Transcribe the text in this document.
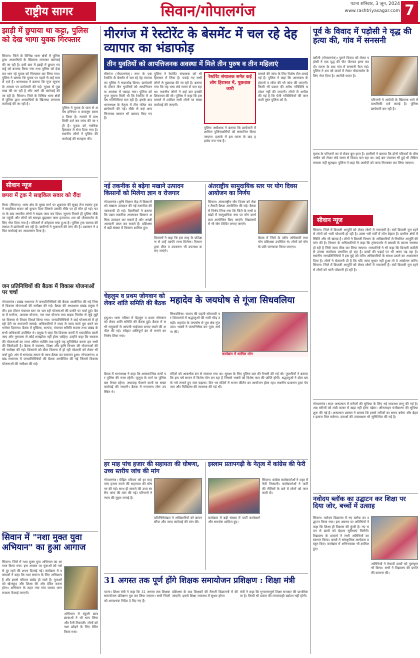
राष्ट्रीय सागर	सिवान/गोपालगंज	पटना शनिवार, 3 जून, 2024 www.rashtriyasagar.com 7
झाड़ी में छुपाया था कट्टा, पुलिस को देख भागा युवक गिरफ्तार
सिवान। जिले के विभिन्न थाना क्षेत्रों में पुलिस द्वारा अपराधियों के खिलाफ लगातार कार्रवाई की जा रही है। इसी क्रम में झाड़ी में छुपाए गए कट्टे को बरामद किया गया तथा पुलिस को देखकर भाग रहे युवक को गिरफ्तार कर लिया गया। पुलिस ने बताया कि युवक पर पहले से कई मामले दर्ज हैं। थानाध्यक्ष ने बताया कि गुप्त सूचना के आधार पर छापेमारी की गई। युवक से पूछताछ की जा रही है और आगे की कार्रवाई की जा रही है। सिवान। जिले के विभिन्न थाना क्षेत्रों में पुलिस द्वारा अपराधियों के खिलाफ लगातार कार्रवाई की जा रही है।
पुलिस ने युवक के पास से अवैध हथियार व कारतूस बरामद किया है। मामले में प्राथमिकी दर्ज कर जांच की जा रही है। युवक को न्यायिक हिरासत में भेज दिया गया है। स्थानीय लोगों ने पुलिस की कार्रवाई की सराहना की।
सीवान न्यूज
छपरा में ट्रक ने साइकिल सवार को रौंदा
मैरवा (सिवान)। थाना क्षेत्र के मुख्य मार्ग पर शुक्रवार की सुबह तेज रफ्तार ट्रक ने साइकिल सवार को कुचल दिया जिससे उसकी मौके पर ही मौत हो गई। घटना के बाद स्थानीय लोगों ने सड़क जाम कर दिया। सूचना मिलते ही पुलिस मौके पर पहुंची और लोगों को समझा बुझाकर जाम हटवाया। शव को पोस्टमार्टम के लिए भेज दिया गया है। परिजनों में कोहराम मचा हुआ है। पुलिस ट्रक चालक की तलाश में छापेमारी कर रही है। ग्रामीणों ने मुआवजे की मांग की है। प्रशासन ने उचित कार्रवाई का आश्वासन दिया है।
जन प्रतिनिधियों की बैठक में विकास योजनाओं पर चर्चा
गोपालगंज। प्रखंड सभागार में जनप्रतिनिधियों की बैठक आयोजित की गई जिसमें विकास योजनाओं की समीक्षा की गई। बैठक की अध्यक्षता प्रखंड प्रमुख ने की। इस दौरान पंचायत स्तर पर चल रही योजनाओं की प्रगति पर चर्चा हुई। बैठक में मनरेगा, आवास योजना, नल जल योजना तथा सड़क निर्माण से जुड़े मुद्दों पर विस्तार से विचार विमर्श किया गया। जनप्रतिनिधियों ने कई योजनाओं में हो रही देरी पर नाराजगी जताई। अधिकारियों ने जल्द से जल्द कार्य पूरा करने का भरोसा दिलाया। बैठक में मुखिया, सरपंच, पंचायत समिति सदस्य तथा प्रखंड के सभी अधिकारी उपस्थित थे। प्रमुख ने कहा कि विकास कार्यों में पारदर्शिता बरती जाए और गुणवत्ता से कोई समझौता नहीं होना चाहिए। उन्होंने कहा कि सरकार की योजनाओं का लाभ अंतिम व्यक्ति तक पहुंचे यह सुनिश्चित करना हम सभी की जिम्मेदारी है। बैठक में स्वास्थ्य, शिक्षा और कृषि विभाग की योजनाओं की भी समीक्षा की गई। किसानों को बीज वितरण में हो रही परेशानी को लेकर भी चर्चा हुई। अंत में धन्यवाद ज्ञापन के साथ बैठक का समापन हुआ। गोपालगंज। प्रखंड सभागार में जनप्रतिनिधियों की बैठक आयोजित की गई जिसमें विकास योजनाओं की समीक्षा की गई।
सिवान में "नशा मुक्त युवा अभियान" का हुआ आगाज
सिवान। जिले में नशा मुक्त युवा अभियान का आगाज किया गया। इस अवसर पर युवाओं को नशे से दूर रहने की शपथ दिलाई गई। कार्यक्रम में वक्ताओं ने कहा कि नशा समाज के लिए अभिशाप है और इससे परिवार बर्बाद हो जाते हैं। युवाओं को खेलकूद और शिक्षा की ओर प्रेरित करना होगा। अभियान के तहत गांव गांव जाकर जागरूकता फैलाई जाएगी।
अभियान में स्कूली छात्र छात्राओं ने भी भाग लिया और रैली निकाली। लोगों को नशा छोड़ने के लिए प्रेरित किया गया।
मीरगंज में रेस्टोरेंट के बेसमेंट में चल रहे देह व्यापार का भंडाफोड़
तीन युवतियों को आपत्तिजनक अवस्था में मिले तीन पुरुष व तीन महिलाएं
मीरगंज (गोपालगंज)। नगर के एक रेस्टोरेंट के बेसमेंट में चल रहे देह व्यापार का पुलिस ने भंडाफोड़ किया। छापेमारी के दौरान तीन युवतियों को आपत्तिजनक अवस्था में पकड़ा गया। पुलिस को गुप्त सूचना मिली थी कि रेस्टोरेंट में अवैध गतिविधियां चल रही हैं। इसके बाद थानाध्यक्ष के नेतृत्व में टीम गठित कर छापेमारी की गई। मौके से कई आपत्तिजनक सामान भी बरामद किए गए हैं।
पुलिस ने रेस्टोरेंट संचालक को भी हिरासत में लिया है। पकड़े गए सभी लोगों से पूछताछ की जा रही है। बताया गया कि यह धंधा लंबे समय से चल रहा था। स्थानीय लोगों ने कई बार इसकी शिकायत की थी। पुलिस ने कहा कि इस मामले में शामिल सभी लोगों पर सख्त कार्रवाई की जाएगी।
रेस्टोरेंट संचालक समेत कई लोग हिरासत में, पूछताछ जारी
पुलिस अधीक्षक ने बताया कि छापेमारी में शामिल पुलिसकर्मियों को सम्मानित किया जाएगा। इलाके में इस घटना के बाद हड़कंप मच गया है।
मामले की जांच के लिए विशेष टीम बनाई गई है। पुलिस ने कहा कि आसपास के होटलों व लॉज की भी जांच की जाएगी। किसी भी प्रकार की अवैध गतिविधि बर्दाश्त नहीं की जाएगी। लोगों से अपील की गई है कि ऐसी गतिविधियों की जानकारी तुरंत पुलिस को दें।
नई तकनीक से बढ़ेगा मखाने उत्पादन किसानों को मिलेगा ज्ञान व रोजगार
गोपालगंज। कृषि विज्ञान केंद्र में किसानों को मखाना उत्पादन की नई तकनीक की जानकारी दी गई। वैज्ञानिकों ने बताया कि उन्नत तकनीक अपनाकर किसान अधिक उत्पादन कर सकते हैं और अच्छी आमदनी प्राप्त कर सकते हैं। प्रशिक्षण में बड़ी संख्या में किसान शामिल हुए।
किसानों ने कहा कि इस तरह के प्रशिक्षण से उन्हें काफी लाभ मिलेगा। विभाग द्वारा बीज व उपकरण भी उपलब्ध कराए जाएंगे।
अंतराष्ट्रीय सामुदायिक स्तर पर योग दिवस आयोजन का निर्णय
सिवान। अंतरराष्ट्रीय योग दिवस को लेकर तैयारी बैठक आयोजित की गई। बैठक में निर्णय लिया गया कि जिले के सभी प्रखंडों में सामुदायिक स्तर पर योग कार्यक्रम आयोजित किए जाएंगे। विद्यालयों में भी योग शिविर लगाए जाएंगे।
बैठक में जिले के वरीय अधिकारी तथा योग प्रशिक्षक उपस्थित थे। लोगों को योग के प्रति जागरूक किया जाएगा।
चेहलुम व प्रथम जोगवान को लेकर शांति समिति की बैठक
हथुआ। थाना परिसर में चेहलुम व प्रथम जोगवान को लेकर शांति समिति की बैठक हुई। बैठक में सभी समुदायों से आपसी भाईचारा बनाए रखने की अपील की गई। त्योहार शांतिपूर्ण ढंग से मनाने का निर्णय लिया गया।
महादेव के जयघोष से गूंजा सिधवलिया
कार्यक्रम में शामिल लोग
सिधवलिया। सावन की पहली सोमवारी पर शिवालयों में श्रद्धालुओं की भारी भीड़ उमड़ी। महादेव के जयघोष से पूरा क्षेत्र गूंज उठा। भक्तों ने जलाभिषेक कर पूजा अर्चना की।
बैठक में थानाध्यक्ष ने कहा कि असामाजिक तत्वों पर पुलिस की नजर रहेगी। जुलूस के मार्ग पर पुलिस बल तैनात रहेगा। अफवाह फैलाने वालों पर सख्त कार्रवाई की जाएगी। बैठक में गणमान्य लोग उपस्थित थे।
मंदिरों को आकर्षक ढंग से सजाया गया था। सुरक्षा के लिए पुलिस बल की तैनाती की गई थी। पुजारियों ने बताया कि इस वर्ष सावन में विशेष योग बन रहा है जिससे भक्तों को विशेष फल की प्राप्ति होगी। श्रद्धालुओं ने बोल बम के नारे लगाते हुए जल चढ़ाया। दिन भर मंदिरों में भजन कीर्तन का आयोजन होता रहा। स्थानीय प्रशासन द्वारा पेयजल और चिकित्सा की व्यवस्था की गई थी।
हर माह पांच हजार की सहायता की घोषणा, उच्च स्तरीय जांच की मांग
गोपालगंज। पीड़ित परिवार को हर माह पांच हजार रुपये की सहायता की घोषणा की गई। साथ ही मामले की उच्च स्तरीय जांच की मांग की गई। परिजनों ने न्याय की गुहार लगाई है।
प्रतिनिधिमंडल ने अधिकारियों को ज्ञापन सौंपा और जल्द कार्रवाई की मांग की।
इस्लाम प्रतापगढ़ी के नेतृत्व में कांग्रेस की फेरी
सिवान। कांग्रेस कार्यकर्ताओं ने शहर में फेरी निकाली। कार्यकर्ताओं ने पार्टी की नीतियों के बारे में लोगों को जानकारी दी।
कार्यक्रम में बड़ी संख्या में पार्टी कार्यकर्ता और समर्थक शामिल हुए।
31 अगस्त तक पूर्ण होंगे शिक्षक समायोजन प्रशिक्षण : शिक्षा मंत्री
पटना। शिक्षा मंत्री ने कहा कि 31 अगस्त तक शिक्षक समायोजन प्रशिक्षण पूरा कर लिया जाएगा। सभी जिलों को आवश्यक निर्देश दे दिए गए हैं।
प्रशिक्षण के बाद शिक्षकों की तैनाती विद्यालयों में की जाएगी। इससे शिक्षा व्यवस्था में सुधार होगा।
मंत्री ने कहा कि गुणवत्तापूर्ण शिक्षा सरकार की प्राथमिकता है। किसी भी प्रकार की लापरवाही बर्दाश्त नहीं होगी।
पूर्व के विवाद में पड़ोसी ने वृद्ध की हत्या की, गांव में सनसनी
बरौली (गोपालगंज)। पुराने विवाद को लेकर पड़ोसी ने एक वृद्ध की पीट पीटकर हत्या कर दी। घटना के बाद गांव में सनसनी फैल गई। पुलिस ने शव को कब्जे में लेकर पोस्टमार्टम के लिए भेज दिया है। आरोपी फरार है।
परिजनों ने आरोपी के खिलाफ थाने में प्राथमिकी दर्ज कराई है। पुलिस छापेमारी कर रही है।
मृतक के परिजनों का रो रोकर बुरा हाल है। ग्रामीणों ने बताया कि दोनों परिवारों के बीच जमीन को लेकर लंबे समय से विवाद चल रहा था। कई बार पंचायत भी हुई थी लेकिन मामला नहीं सुलझा। पुलिस ने कहा कि आरोपी को जल्द गिरफ्तार कर लिया जाएगा।
सीवान न्यूज
सिवान। जिले में बिजली आपूर्ति को लेकर लोगों में नाराजगी है। घंटों बिजली गुल रहने से लोगों को भारी परेशानी हो रही है। उमस भरी गर्मी में लोग बेहाल हैं। ग्रामीण क्षेत्रों में स्थिति और भी खराब है। लोगों ने बिजली विभाग के अधिकारियों से नियमित आपूर्ति की मांग की है। विभाग के अधिकारियों ने कहा कि ट्रांसफार्मर में खराबी के कारण समस्या हो रही है जिसे जल्द ठीक कर लिया जाएगा। व्यापारियों ने भी कहा कि बिजली कटौती से उनका कारोबार प्रभावित हो रहा है। छात्रों की पढ़ाई पर भी असर पड़ रहा है। स्थानीय जनप्रतिनिधियों ने इस मुद्दे को वरीय अधिकारियों के समक्ष उठाने का आश्वासन दिया है। लोगों ने चेतावनी दी है कि यदि जल्द सुधार नहीं हुआ तो वे आंदोलन करेंगे। सिवान। जिले में बिजली आपूर्ति को लेकर लोगों में नाराजगी है। घंटों बिजली गुल रहने से लोगों को भारी परेशानी हो रही है।
गोपालगंज। सदर अस्पताल में मरीजों की सुविधा के लिए नई व्यवस्था लागू की गई है। अब मरीजों को लंबी कतार में खड़ा नहीं होना पड़ेगा। ऑनलाइन पंजीकरण की सुविधा शुरू की गई है। अस्पताल प्रबंधन ने बताया कि इससे मरीजों का समय बचेगा और बेहतर इलाज मिल सकेगा। दवाओं की उपलब्धता भी सुनिश्चित की गई है।
नवोदय ब्लॉक का उद्घाटन कर शिक्षा पर दिया जोर, बच्चों में उत्साह
सिवान। नवोदय विद्यालय में नए ब्लॉक का उद्घाटन किया गया। इस अवसर पर अतिथियों ने कहा कि शिक्षा ही विकास की कुंजी है। नए भवन से छात्रों को बेहतर सुविधाएं मिलेंगी। विद्यालय के प्राचार्य ने सभी अतिथियों का स्वागत किया। बच्चों ने सांस्कृतिक कार्यक्रम प्रस्तुत किए। कार्यक्रम में अभिभावक भी शामिल हुए।
अतिथियों ने मेधावी छात्रों को पुरस्कृत भी किया। सभी ने विद्यालय की प्रगति की कामना की।
